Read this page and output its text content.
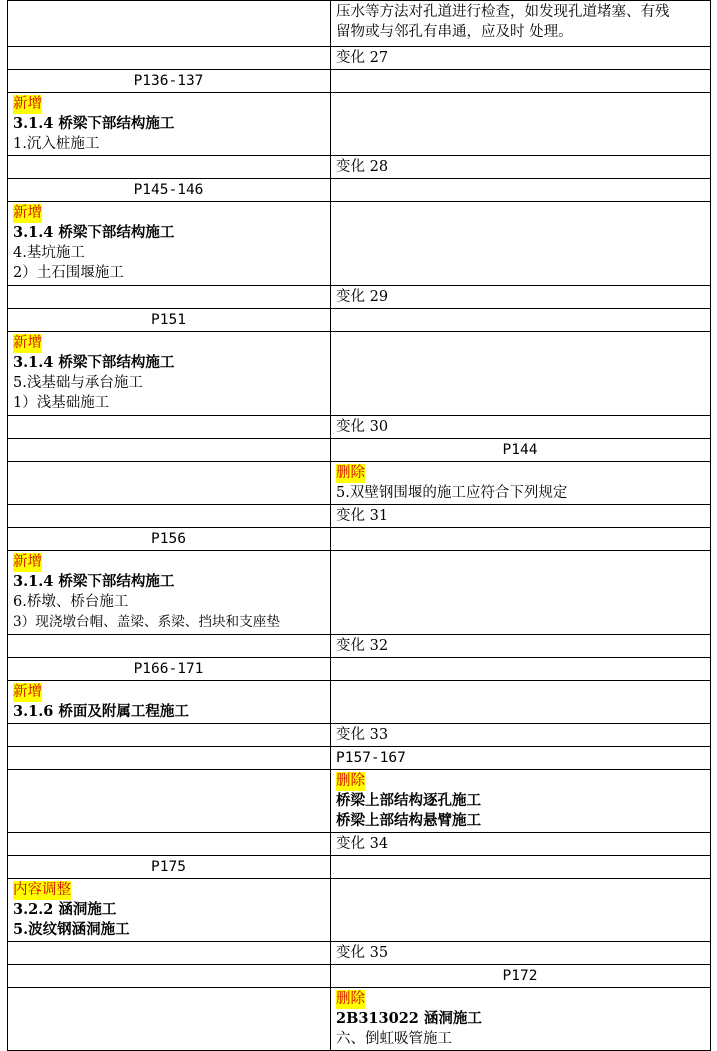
	压水等方法对孔道进行检查，如发现孔道堵塞、有残
留物或与邻孔有串通，应及时 处理。

	变化 27
P136-137	

新增
3.1.4 桥梁下部结构施工
1.沉入桩施工	

	变化 28
P145-146	

新增
3.1.4 桥梁下部结构施工
4.基坑施工
2）土石围堰施工	

	变化 29
P151	

新增
3.1.4 桥梁下部结构施工
5.浅基础与承台施工
1）浅基础施工	

	变化 30
	P144

	删除
5.双壁钢围堰的施工应符合下列规定

	变化 31
P156	

新增
3.1.4 桥梁下部结构施工
6.桥墩、桥台施工
3）现浇墩台帽、盖梁、系梁、挡块和支座垫	

	变化 32
P166-171	

新增
3.1.6 桥面及附属工程施工	

	变化 33
	P157-167

	删除
桥梁上部结构逐孔施工
桥梁上部结构悬臂施工

	变化 34
P175	

内容调整
3.2.2 涵洞施工
5.波纹钢涵洞施工	

	变化 35
	P172

	删除
2B313022 涵洞施工
六、倒虹吸管施工
